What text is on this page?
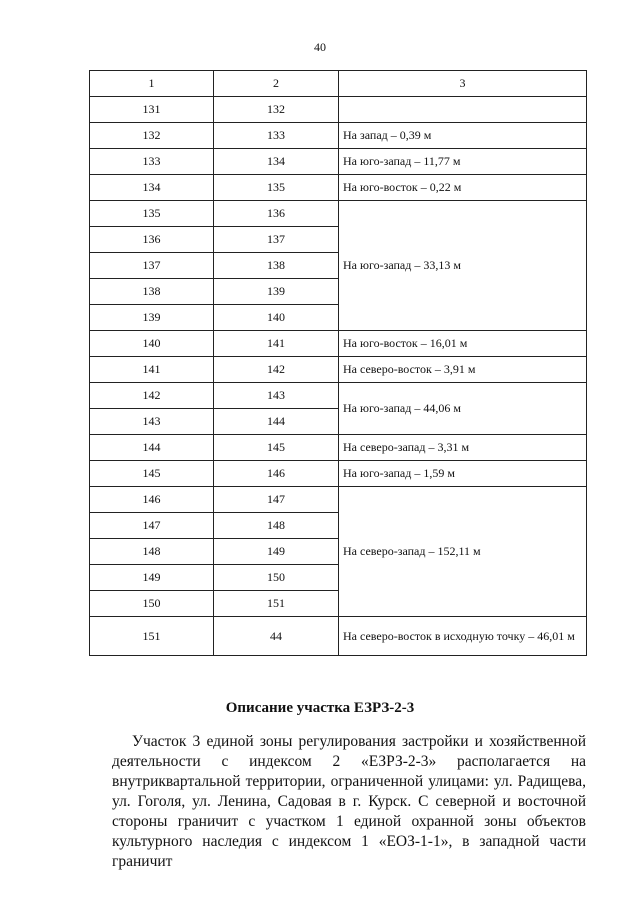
40
1	2	3
131	132	
132	133	На запад – 0,39 м
133	134	На юго-запад – 11,77 м
134	135	На юго-восток – 0,22 м
135	136	На юго-запад – 33,13 м
136	137	
137	138	
138	139	
139	140	
140	141	На юго-восток – 16,01 м
141	142	На северо-восток – 3,91 м
142	143	На юго-запад – 44,06 м
143	144	
144	145	На северо-запад – 3,31 м
145	146	На юго-запад – 1,59 м
146	147	На северо-запад – 152,11 м
147	148	
148	149	
149	150	
150	151	
151	44	На северо-восток в исходную точку – 46,01 м
Описание участка ЕЗРЗ-2-3
Участок 3 единой зоны регулирования застройки и хозяйственной
деятельности с индексом 2 «ЕЗРЗ-2-3» располагается на
внутриквартальной территории, ограниченной улицами: ул. Радищева,
ул. Гоголя, ул. Ленина, Садовая в г. Курск. С северной и восточной
стороны граничит с участком 1 единой охранной зоны объектов
культурного наследия с индексом 1 «ЕОЗ-1-1», в западной части граничит
